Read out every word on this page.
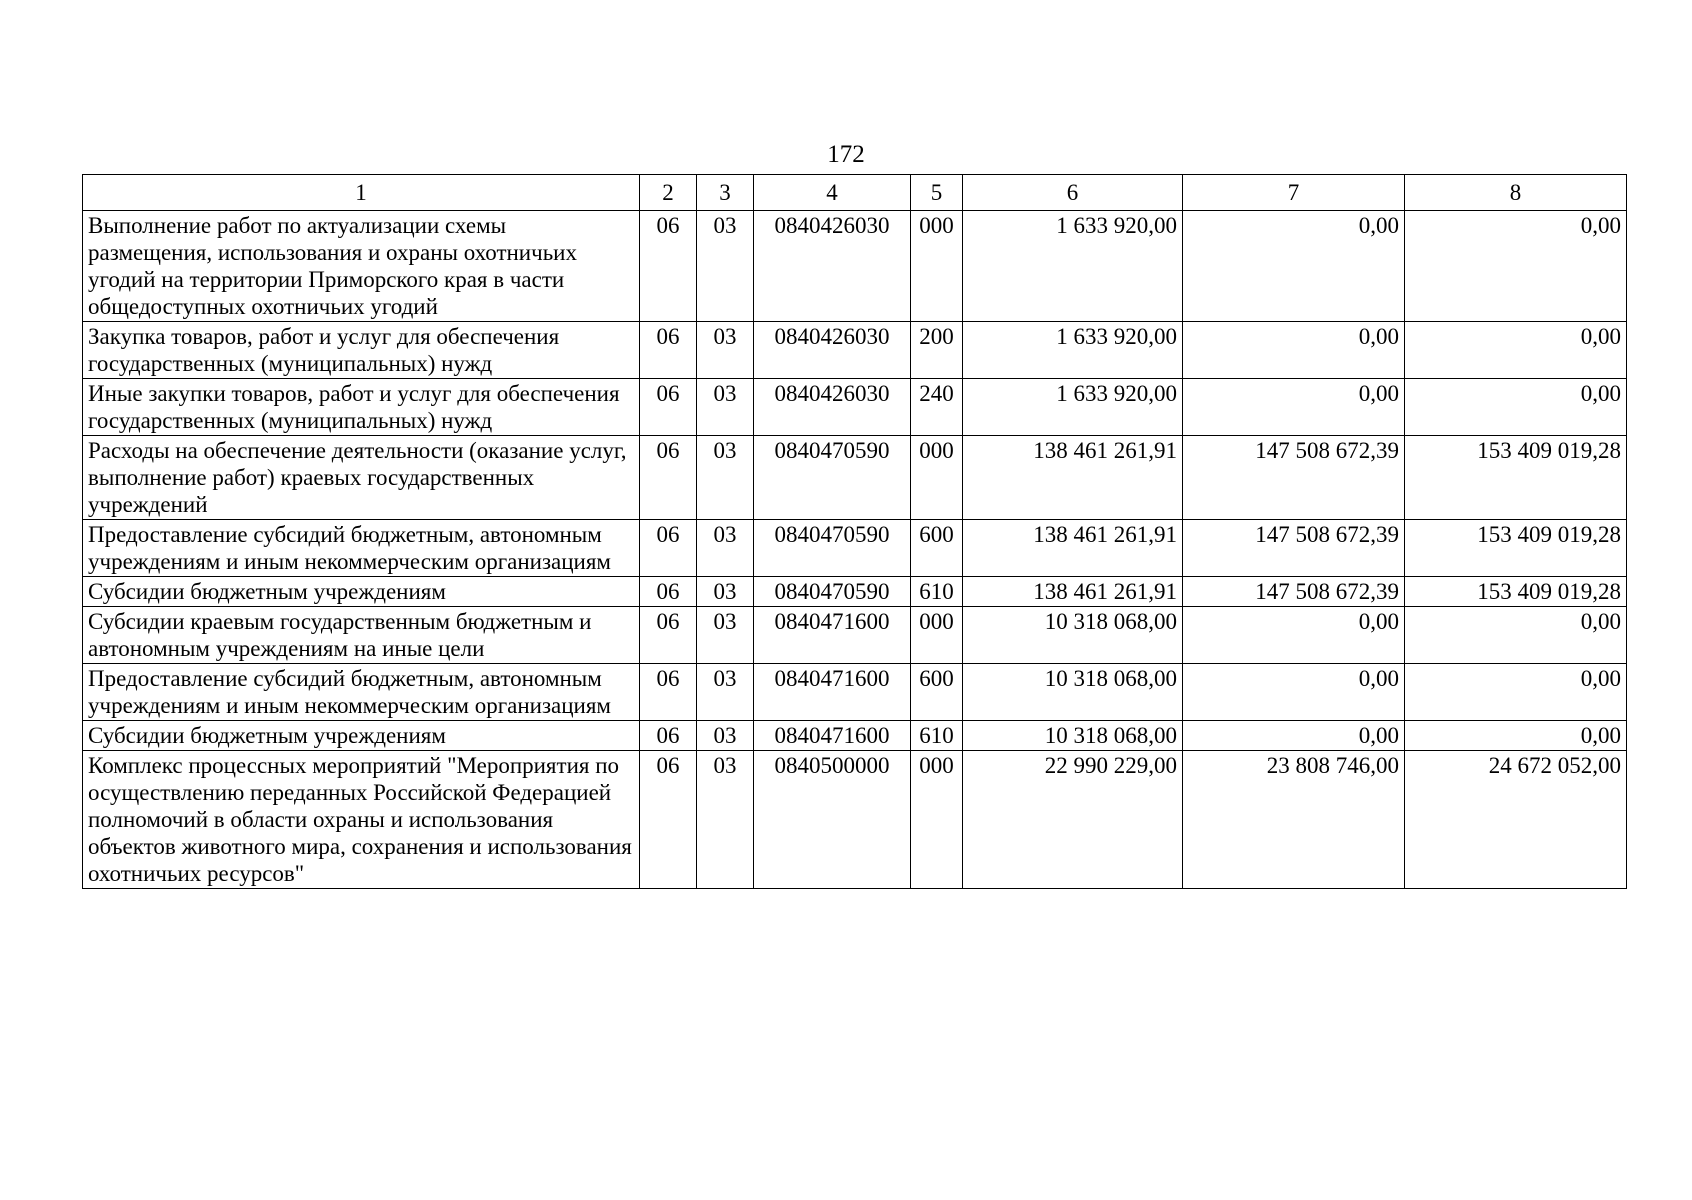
172
1	2	3	4	5	6	7	8
Выполнение работ по актуализации схемы размещения, использования и охраны охотничьих угодий на территории Приморского края в части общедоступных охотничьих угодий	06	03	0840426030	000	1 633 920,00	0,00	0,00
Закупка товаров, работ и услуг для обеспечения государственных (муниципальных) нужд	06	03	0840426030	200	1 633 920,00	0,00	0,00
Иные закупки товаров, работ и услуг для обеспечения государственных (муниципальных) нужд	06	03	0840426030	240	1 633 920,00	0,00	0,00
Расходы на обеспечение деятельности (оказание услуг, выполнение работ) краевых государственных учреждений	06	03	0840470590	000	138 461 261,91	147 508 672,39	153 409 019,28
Предоставление субсидий бюджетным, автономным учреждениям и иным некоммерческим организациям	06	03	0840470590	600	138 461 261,91	147 508 672,39	153 409 019,28
Субсидии бюджетным учреждениям	06	03	0840470590	610	138 461 261,91	147 508 672,39	153 409 019,28
Субсидии краевым государственным бюджетным и автономным учреждениям на иные цели	06	03	0840471600	000	10 318 068,00	0,00	0,00
Предоставление субсидий бюджетным, автономным учреждениям и иным некоммерческим организациям	06	03	0840471600	600	10 318 068,00	0,00	0,00
Субсидии бюджетным учреждениям	06	03	0840471600	610	10 318 068,00	0,00	0,00
Комплекс процессных мероприятий "Мероприятия по осуществлению переданных Российской Федерацией полномочий в области охраны и использования объектов животного мира, сохранения и использования охотничьих ресурсов"	06	03	0840500000	000	22 990 229,00	23 808 746,00	24 672 052,00
